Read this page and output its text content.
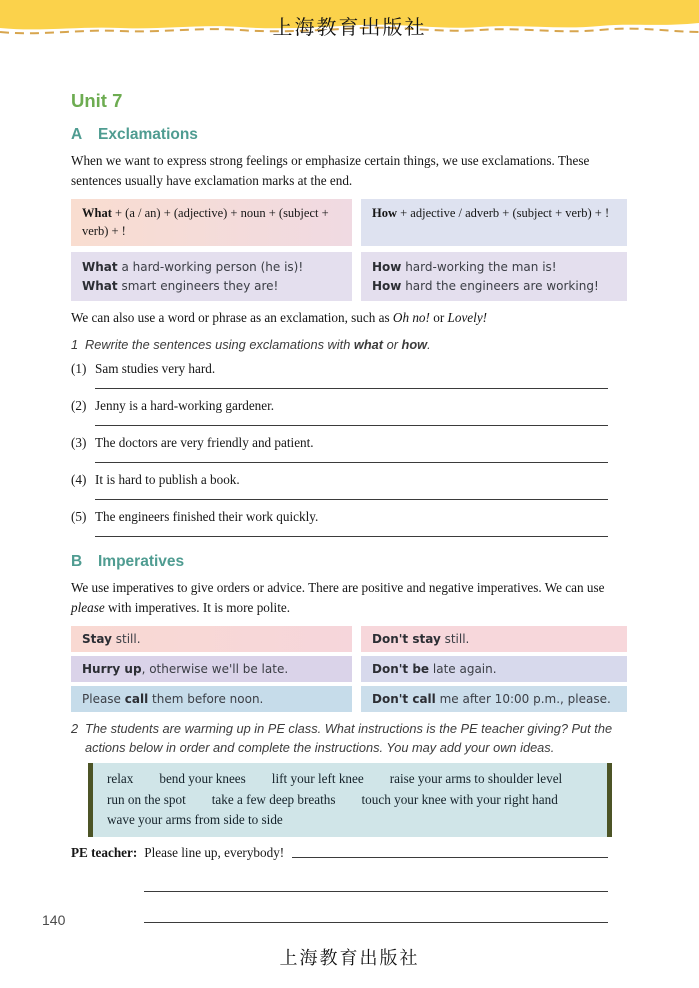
上海教育出版社
Unit 7
A Exclamations
When we want to express strong feelings or emphasize certain things, we use exclamations. These sentences usually have exclamation marks at the end.
What + (a / an) + (adjective) + noun + (subject + verb) + !
How + adjective / adverb + (subject + verb) + !
What a hard-working person (he is)!
What smart engineers they are!
How hard-working the man is!
How hard the engineers are working!
We can also use a word or phrase as an exclamation, such as Oh no! or Lovely!
1 Rewrite the sentences using exclamations with what or how.
(1) Sam studies very hard.
(2) Jenny is a hard-working gardener.
(3) The doctors are very friendly and patient.
(4) It is hard to publish a book.
(5) The engineers finished their work quickly.
B Imperatives
We use imperatives to give orders or advice. There are positive and negative imperatives. We can use please with imperatives. It is more polite.
Stay still.	Don't stay still.
Hurry up, otherwise we'll be late.	Don't be late again.
Please call them before noon.	Don't call me after 10:00 p.m., please.
2 The students are warming up in PE class. What instructions is the PE teacher giving? Put the actions below in order and complete the instructions. You may add your own ideas.
relax bend your knees lift your left knee raise your arms to shoulder level
run on the spot take a few deep breaths touch your knee with your right hand
wave your arms from side to side
PE teacher: Please line up, everybody!
140
上海教育出版社
